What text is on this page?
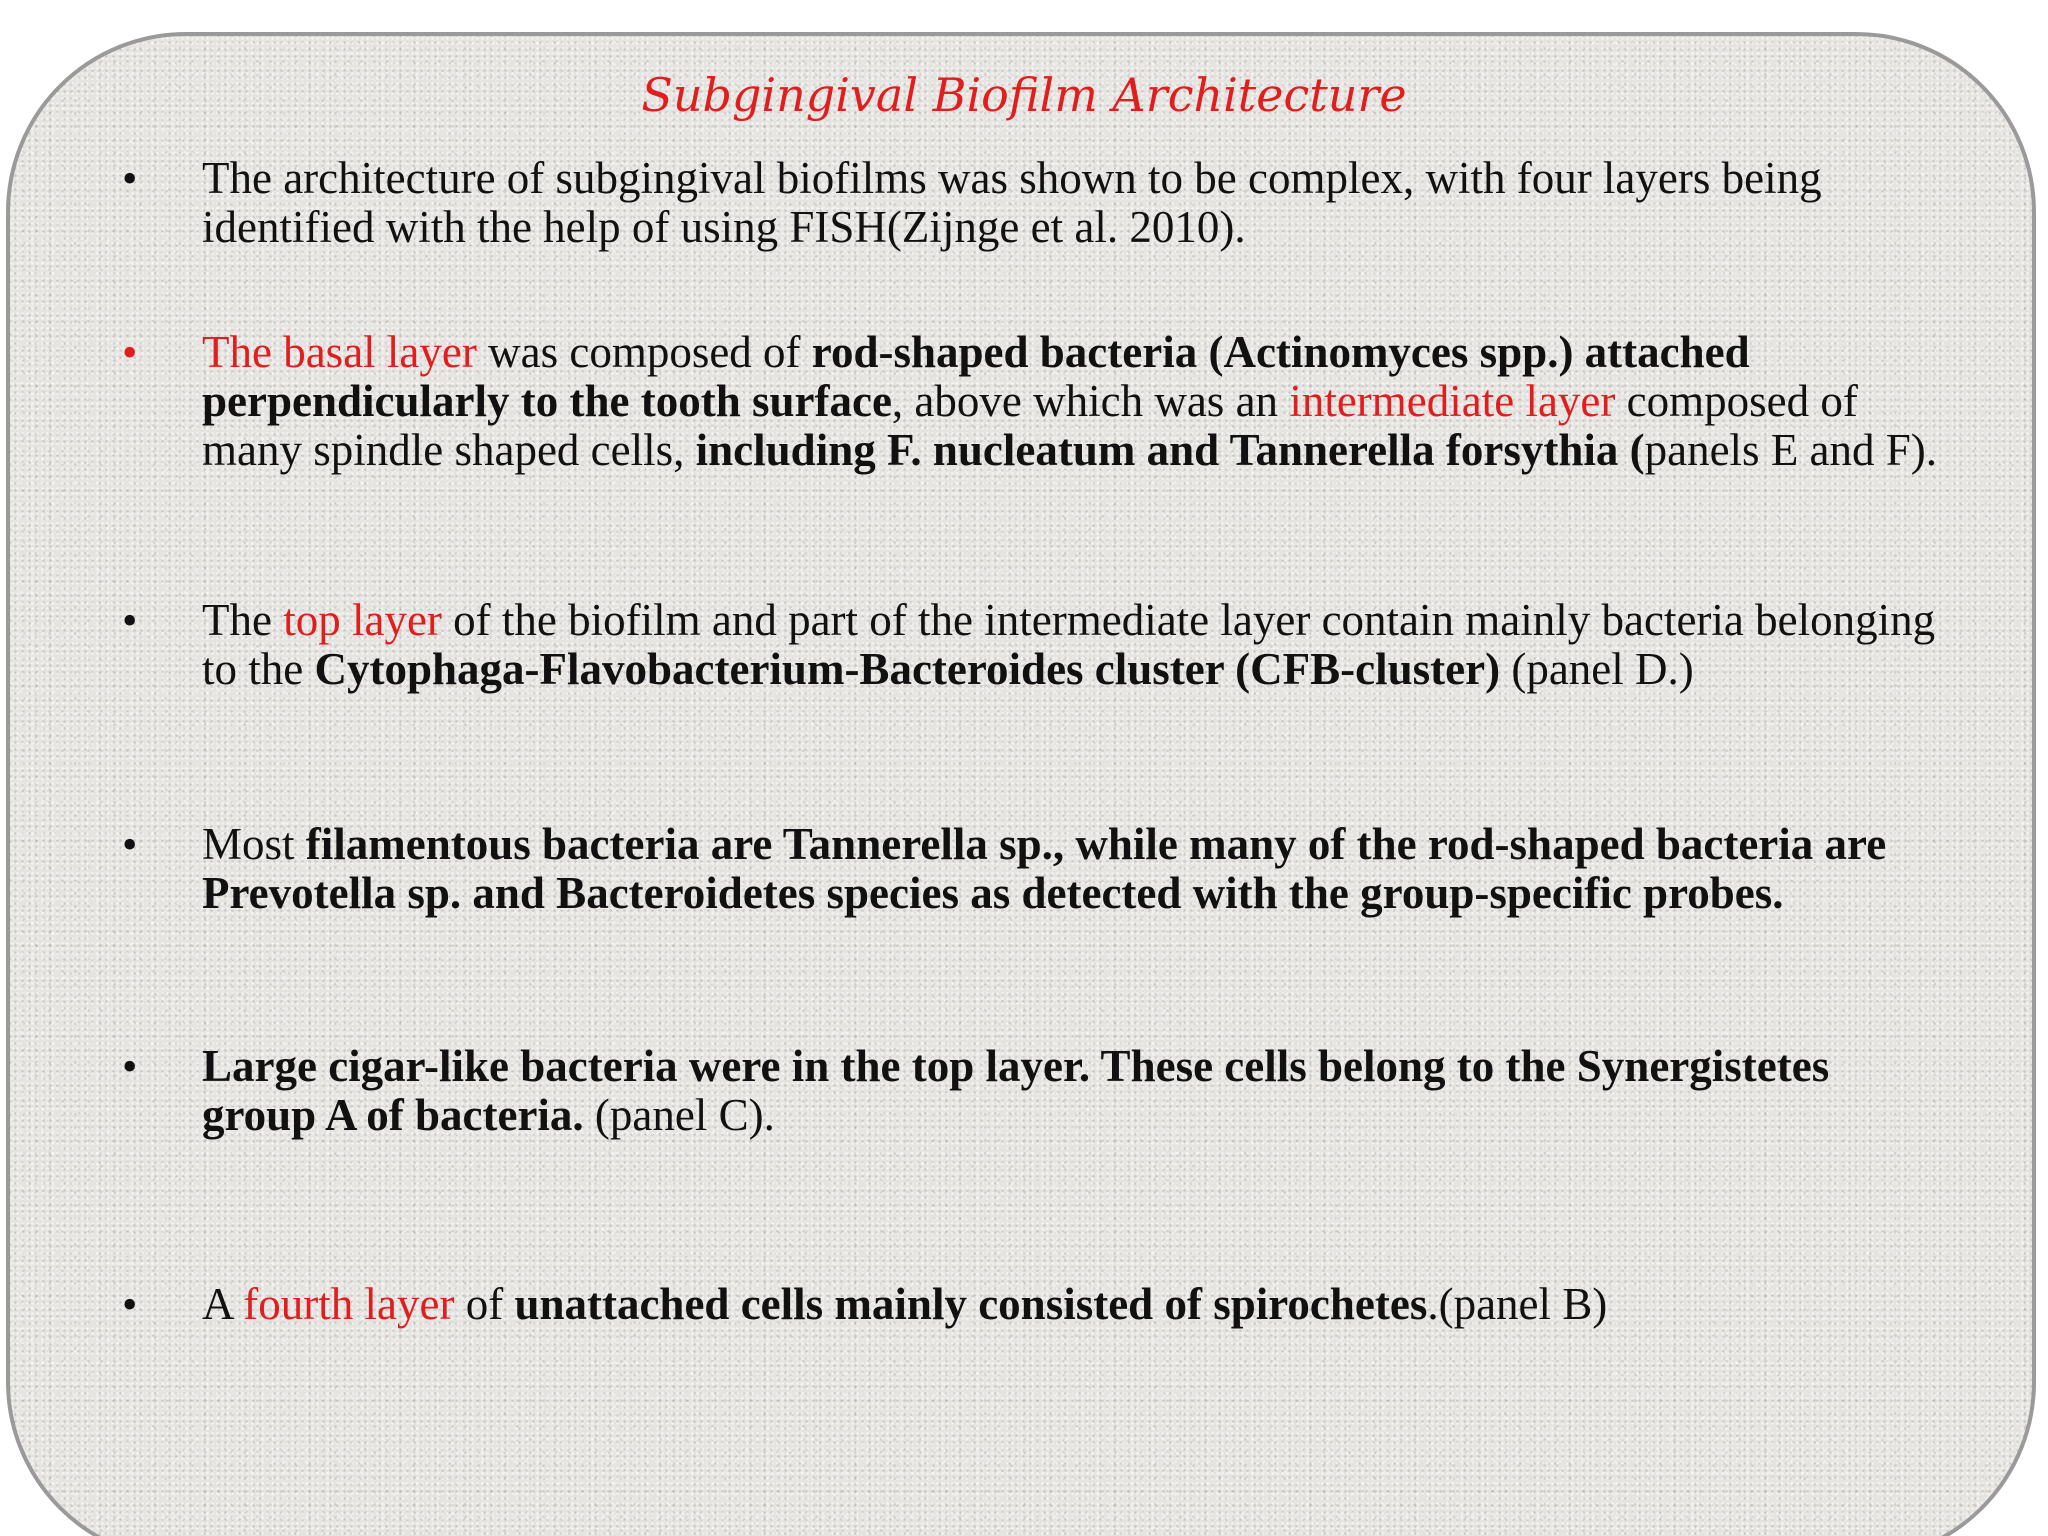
Subgingival Biofilm Architecture
• The architecture of subgingival biofilms was shown to be complex, with four layers being identified with the help of using FISH(Zijnge et al. 2010).
• The basal layer was composed of rod-shaped bacteria (Actinomyces spp.) attached perpendicularly to the tooth surface, above which was an intermediate layer composed of many spindle shaped cells, including F. nucleatum and Tannerella forsythia (panels E and F).
• The top layer of the biofilm and part of the intermediate layer contain mainly bacteria belonging to the Cytophaga-Flavobacterium-Bacteroides cluster (CFB-cluster) (panel D.)
• Most filamentous bacteria are Tannerella sp., while many of the rod-shaped bacteria are Prevotella sp. and Bacteroidetes species as detected with the group-specific probes.
• Large cigar-like bacteria were in the top layer. These cells belong to the Synergistetes group A of bacteria. (panel C).
• A fourth layer of unattached cells mainly consisted of spirochetes.(panel B)
